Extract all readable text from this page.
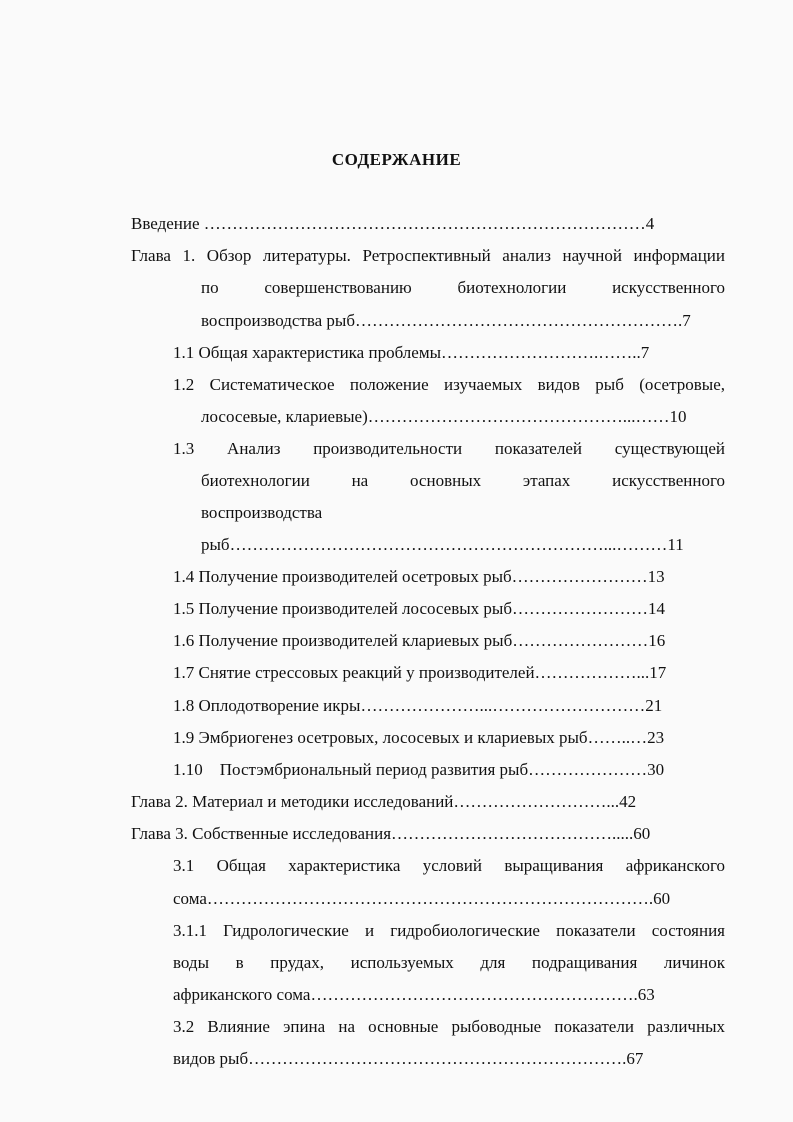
СОДЕРЖАНИЕ
Введение ……………………………………………………………………4
Глава 1. Обзор литературы. Ретроспективный анализ научной информации
по совершенствованию биотехнологии искусственного
воспроизводства рыб………………………………………………….7
1.1 Общая характеристика проблемы……………………….……..7
1.2 Систематическое положение изучаемых видов рыб (осетровые,
лососевые, клариевые)………………………………………...……10
1.3 Анализ производительности показателей существующей
биотехнологии на основных этапах искусственного
воспроизводства
рыб…………………………………………………………...………11
1.4 Получение производителей осетровых рыб……………………13
1.5 Получение производителей лососевых рыб……………………14
1.6 Получение производителей клариевых рыб……………………16
1.7 Снятие стрессовых реакций у производителей………………...17
1.8 Оплодотворение икры…………………...………………………21
1.9 Эмбриогенез осетровых, лососевых и клариевых рыб……..…23
1.10    Постэмбриональный период развития рыб…………………30
Глава 2. Материал и методики исследований………………………...42
Глава 3. Собственные исследования………………………………….....60
3.1 Общая характеристика условий выращивания африканского
сома…………………………………………………………………….60
3.1.1 Гидрологические и гидробиологические показатели состояния
воды в прудах, используемых для подращивания личинок
африканского сома………………………………………………….63
3.2 Влияние эпина на основные рыбоводные показатели различных
видов рыб………………………………………………………….67
